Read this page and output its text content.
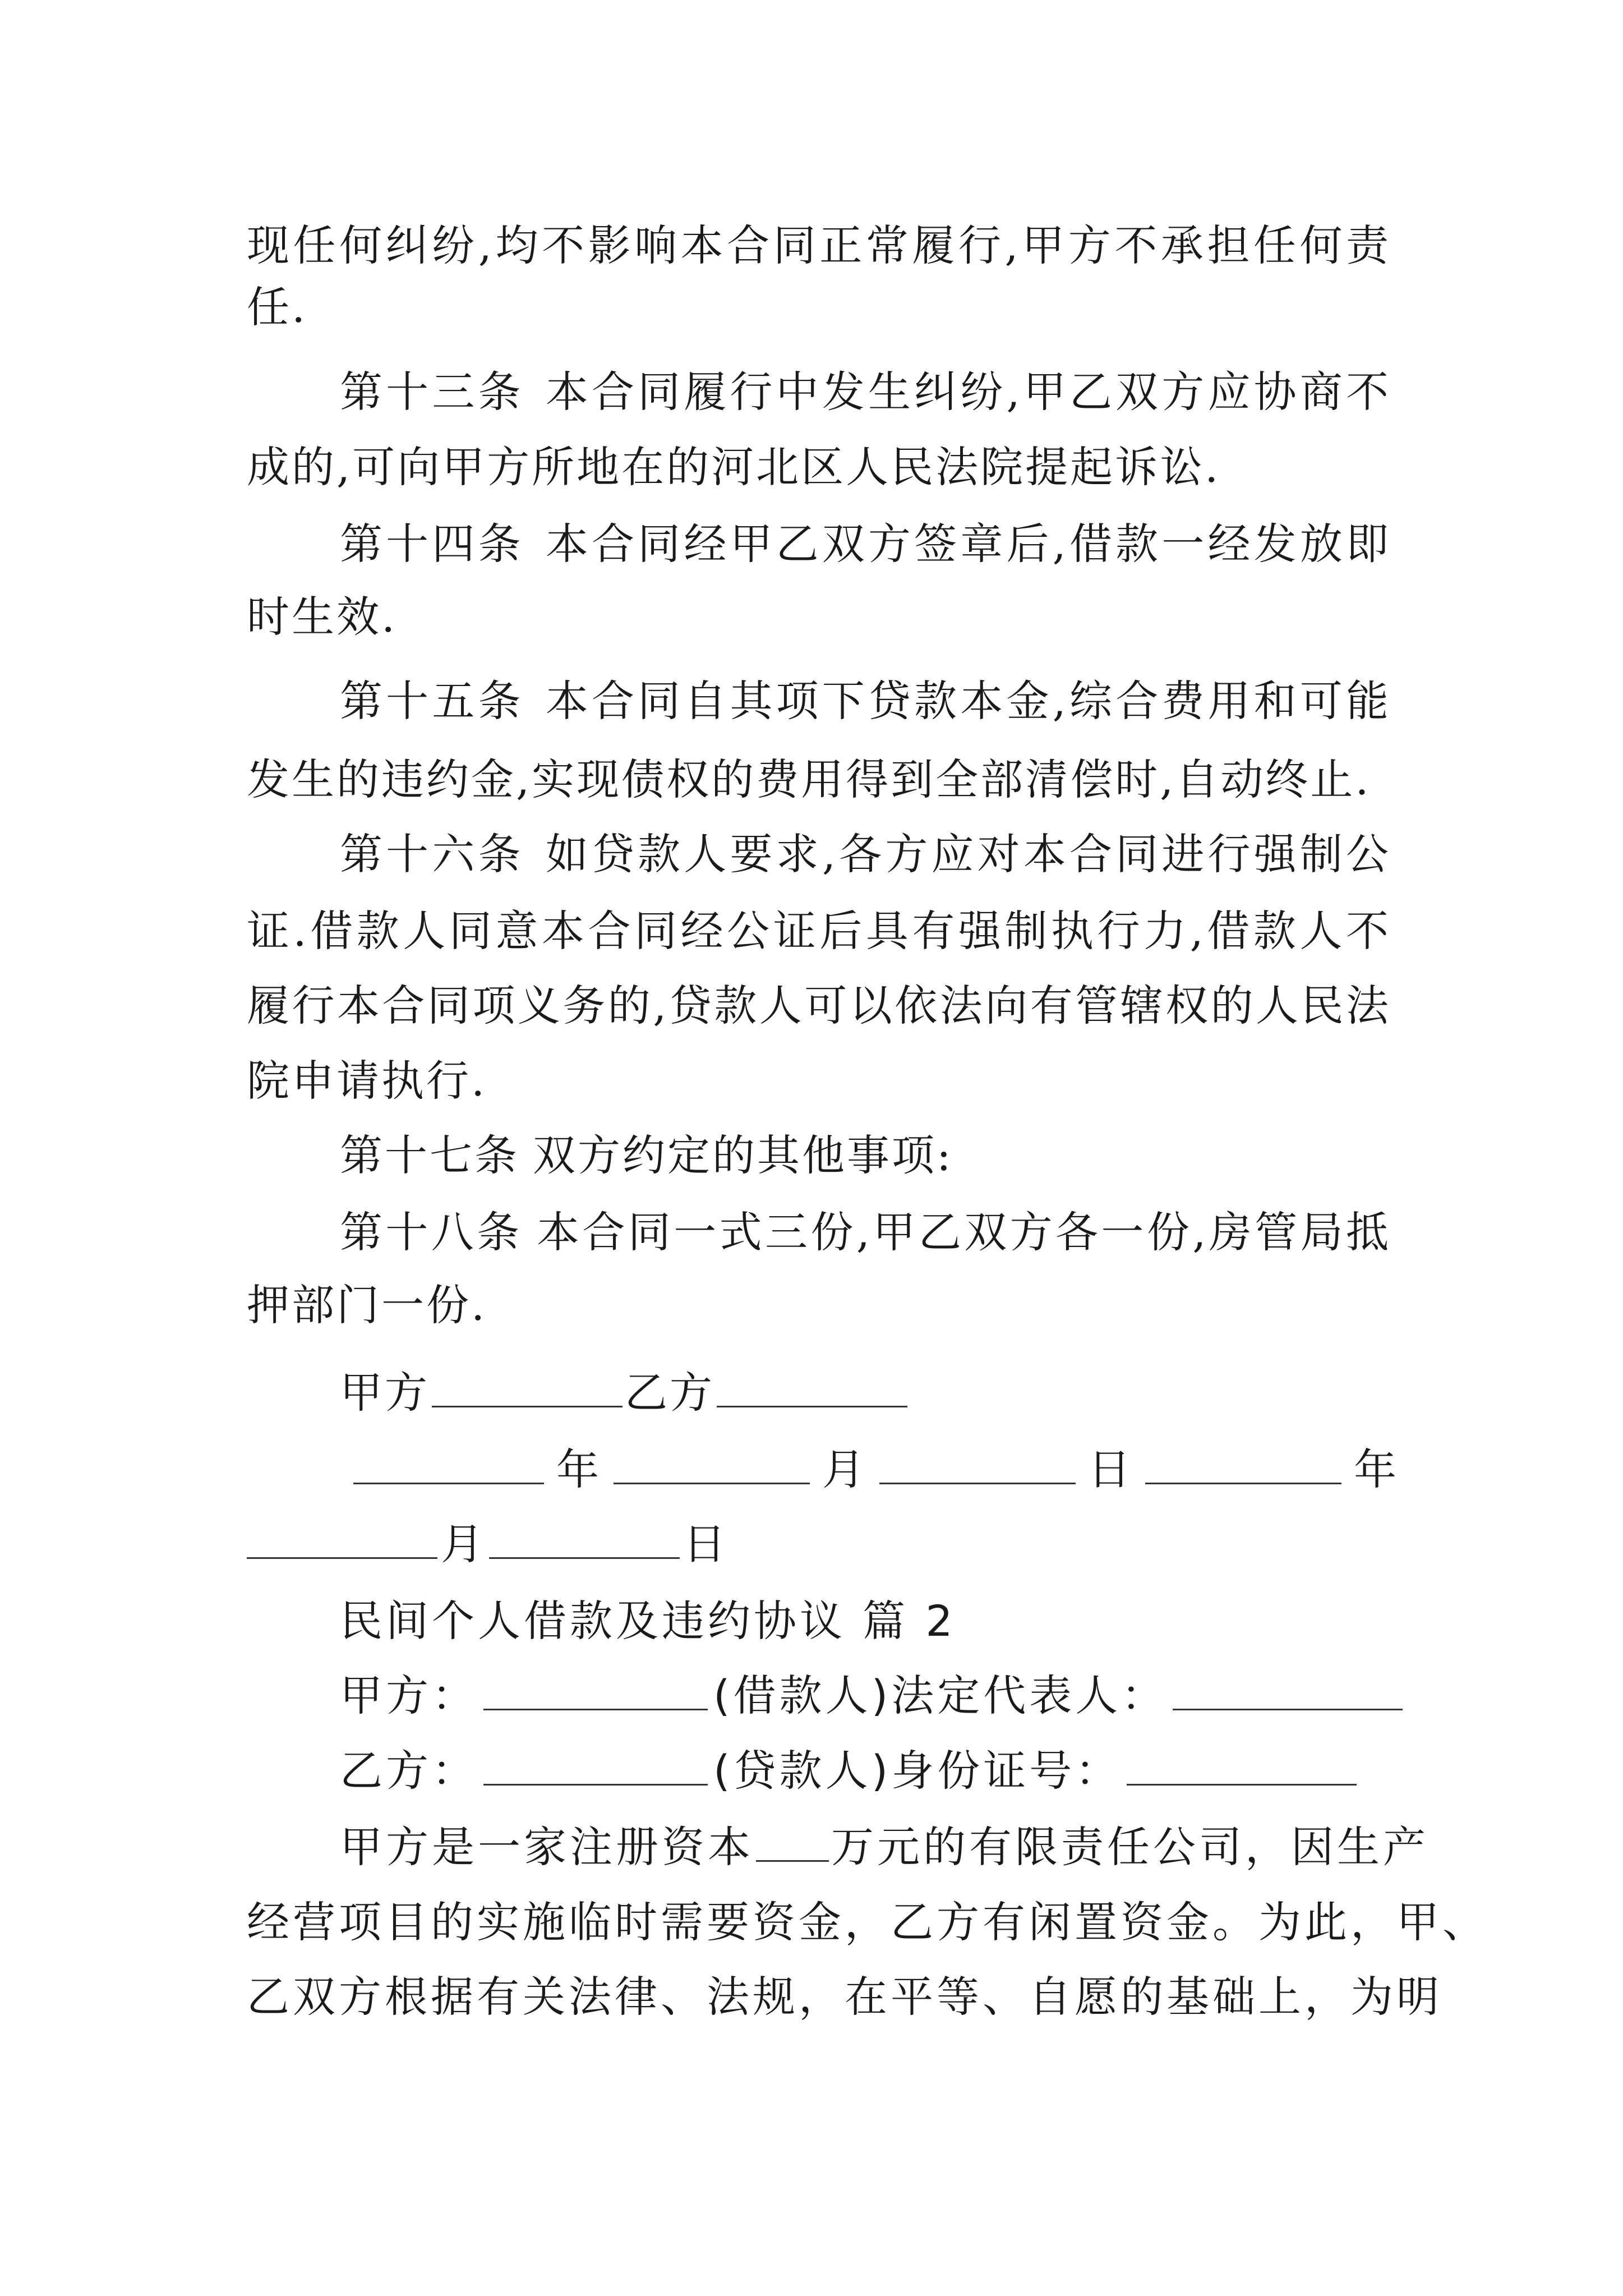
现任何纠纷,均不影响本合同正常履行,甲方不承担任何责
任.
第十三条 本合同履行中发生纠纷,甲乙双方应协商不
成的,可向甲方所地在的河北区人民法院提起诉讼.
第十四条 本合同经甲乙双方签章后,借款一经发放即
时生效.
第十五条 本合同自其项下贷款本金,综合费用和可能
发生的违约金,实现债权的费用得到全部清偿时,自动终止.
第十六条 如贷款人要求,各方应对本合同进行强制公
证.借款人同意本合同经公证后具有强制执行力,借款人不
履行本合同项义务的,贷款人可以依法向有管辖权的人民法
院申请执行.
第十七条 双方约定的其他事项:
第十八条 本合同一式三份,甲乙双方各一份,房管局抵
押部门一份.
甲方	乙方
年	月	日	年
月	日
民间个人借款及违约协议 篇 2
甲方：	(借款人)法定代表人：
乙方：	(贷款人)身份证号：
甲方是一家注册资本 万元的有限责任公司，因生产
经营项目的实施临时需要资金，乙方有闲置资金。为此，甲、
乙双方根据有关法律、法规，在平等、自愿的基础上，为明
